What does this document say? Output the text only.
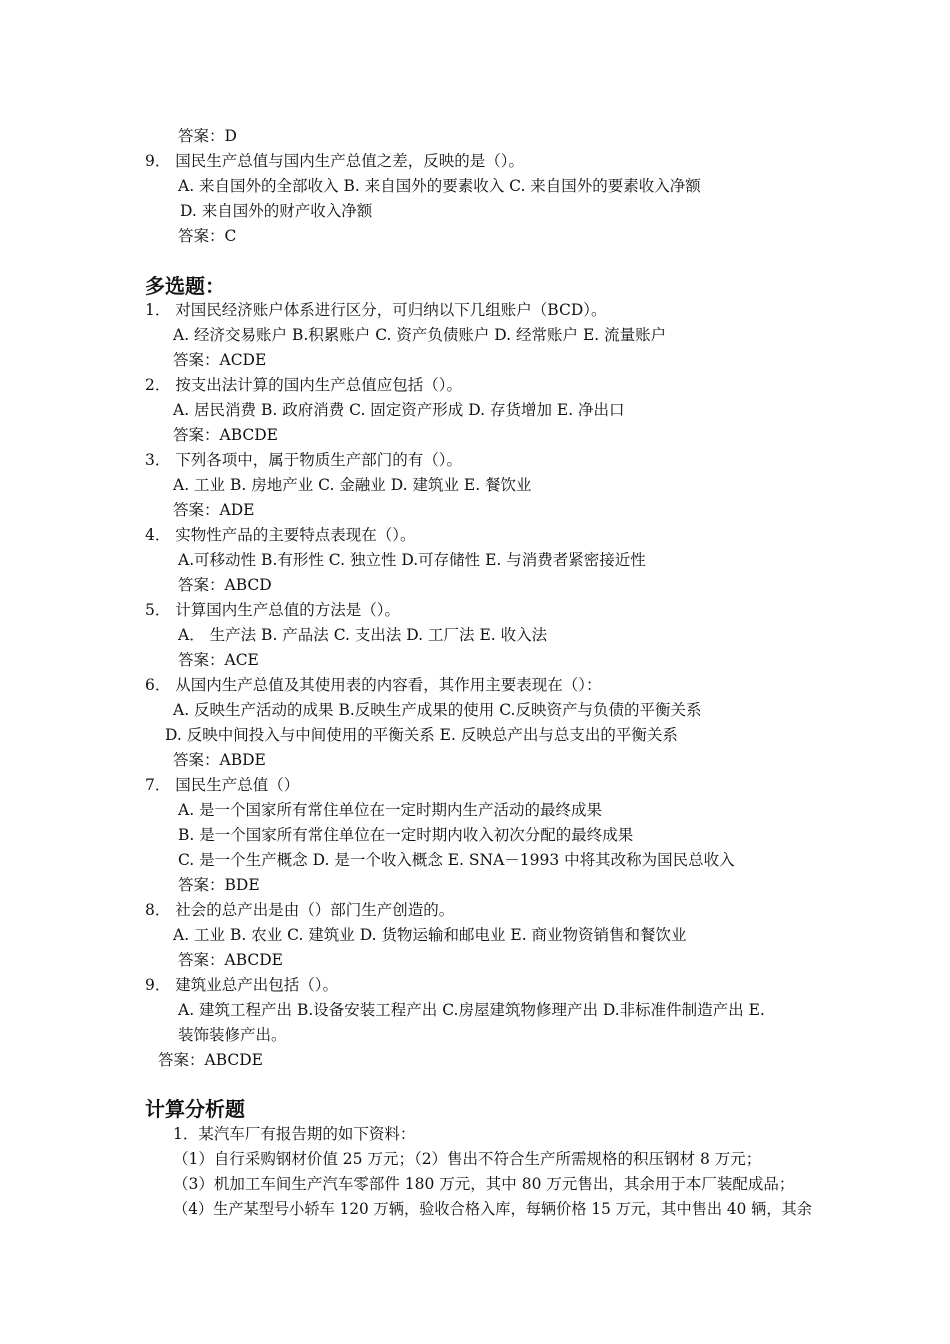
答案：D
9． 国民生产总值与国内生产总值之差，反映的是（）。
A. 来自国外的全部收入 B. 来自国外的要素收入 C. 来自国外的要素收入净额
D. 来自国外的财产收入净额
答案：C
多选题：
1． 对国民经济账户体系进行区分，可归纳以下几组账户（BCD）。
A. 经济交易账户 B.积累账户 C. 资产负债账户 D. 经常账户 E. 流量账户
答案：ACDE
2． 按支出法计算的国内生产总值应包括（）。
A. 居民消费 B. 政府消费 C. 固定资产形成 D. 存货增加 E. 净出口
答案：ABCDE
3． 下列各项中，属于物质生产部门的有（）。
A. 工业 B. 房地产业 C. 金融业 D. 建筑业 E. 餐饮业
答案：ADE
4． 实物性产品的主要特点表现在（）。
A.可移动性 B.有形性 C. 独立性 D.可存储性 E. 与消费者紧密接近性
答案：ABCD
5． 计算国内生产总值的方法是（）。
A． 生产法 B. 产品法 C. 支出法 D. 工厂法 E. 收入法
答案：ACE
6． 从国内生产总值及其使用表的内容看，其作用主要表现在（）：
A. 反映生产活动的成果 B.反映生产成果的使用 C.反映资产与负债的平衡关系
D. 反映中间投入与中间使用的平衡关系 E. 反映总产出与总支出的平衡关系
答案：ABDE
7． 国民生产总值（）
A. 是一个国家所有常住单位在一定时期内生产活动的最终成果
B. 是一个国家所有常住单位在一定时期内收入初次分配的最终成果
C. 是一个生产概念 D. 是一个收入概念 E. SNA－1993 中将其改称为国民总收入
答案：BDE
8． 社会的总产出是由（）部门生产创造的。
A. 工业 B. 农业 C. 建筑业 D. 货物运输和邮电业 E. 商业物资销售和餐饮业
答案：ABCDE
9． 建筑业总产出包括（）。
A. 建筑工程产出 B.设备安装工程产出 C.房屋建筑物修理产出 D.非标准件制造产出 E.
装饰装修产出。
答案：ABCDE
计算分析题
1．某汽车厂有报告期的如下资料：
（1）自行采购钢材价值 25 万元；（2）售出不符合生产所需规格的积压钢材 8 万元；
（3）机加工车间生产汽车零部件 180 万元，其中 80 万元售出，其余用于本厂装配成品；
（4）生产某型号小轿车 120 万辆，验收合格入库，每辆价格 15 万元，其中售出 40 辆，其余
